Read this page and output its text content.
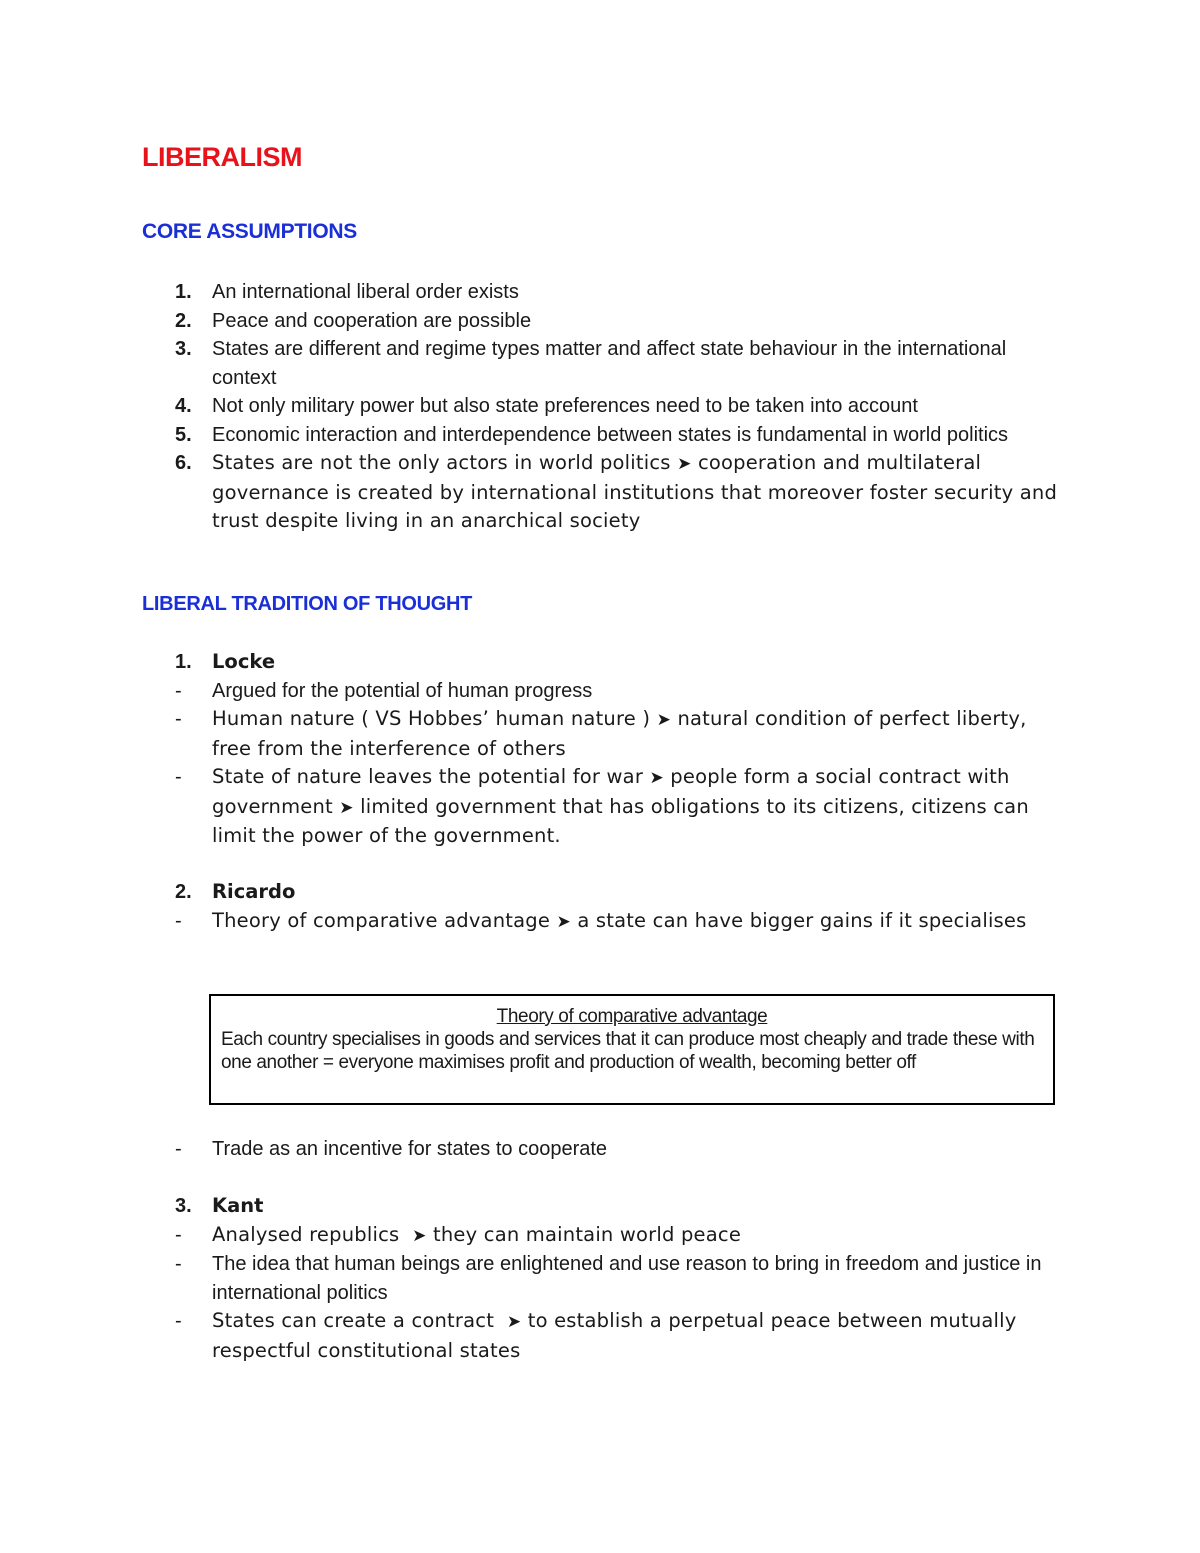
LIBERALISM
CORE ASSUMPTIONS
1.	An international liberal order exists
2.	Peace and cooperation are possible
3.	States are different and regime types matter and affect state behaviour in the international context
4.	Not only military power but also state preferences need to be taken into account
5.	Economic interaction and interdependence between states is fundamental in world politics
6.	States are not the only actors in world politics ➤ cooperation and multilateral governance is created by international institutions that moreover foster security and trust despite living in an anarchical society
LIBERAL TRADITION OF THOUGHT
1.	Locke
-	Argued for the potential of human progress
-	Human nature ( VS Hobbes’ human nature ) ➤ natural condition of perfect liberty, free from the interference of others
-	State of nature leaves the potential for war ➤ people form a social contract with government ➤ limited government that has obligations to its citizens, citizens can limit the power of the government.
2.	Ricardo
-	Theory of comparative advantage ➤ a state can have bigger gains if it specialises
Theory of comparative advantage
Each country specialises in goods and services that it can produce most cheaply and trade these with one another = everyone maximises profit and production of wealth, becoming better off
-	Trade as an incentive for states to cooperate
3.	Kant
-	Analysed republics ➤ they can maintain world peace
-	The idea that human beings are enlightened and use reason to bring in freedom and justice in international politics
-	States can create a contract ➤ to establish a perpetual peace between mutually respectful constitutional states
